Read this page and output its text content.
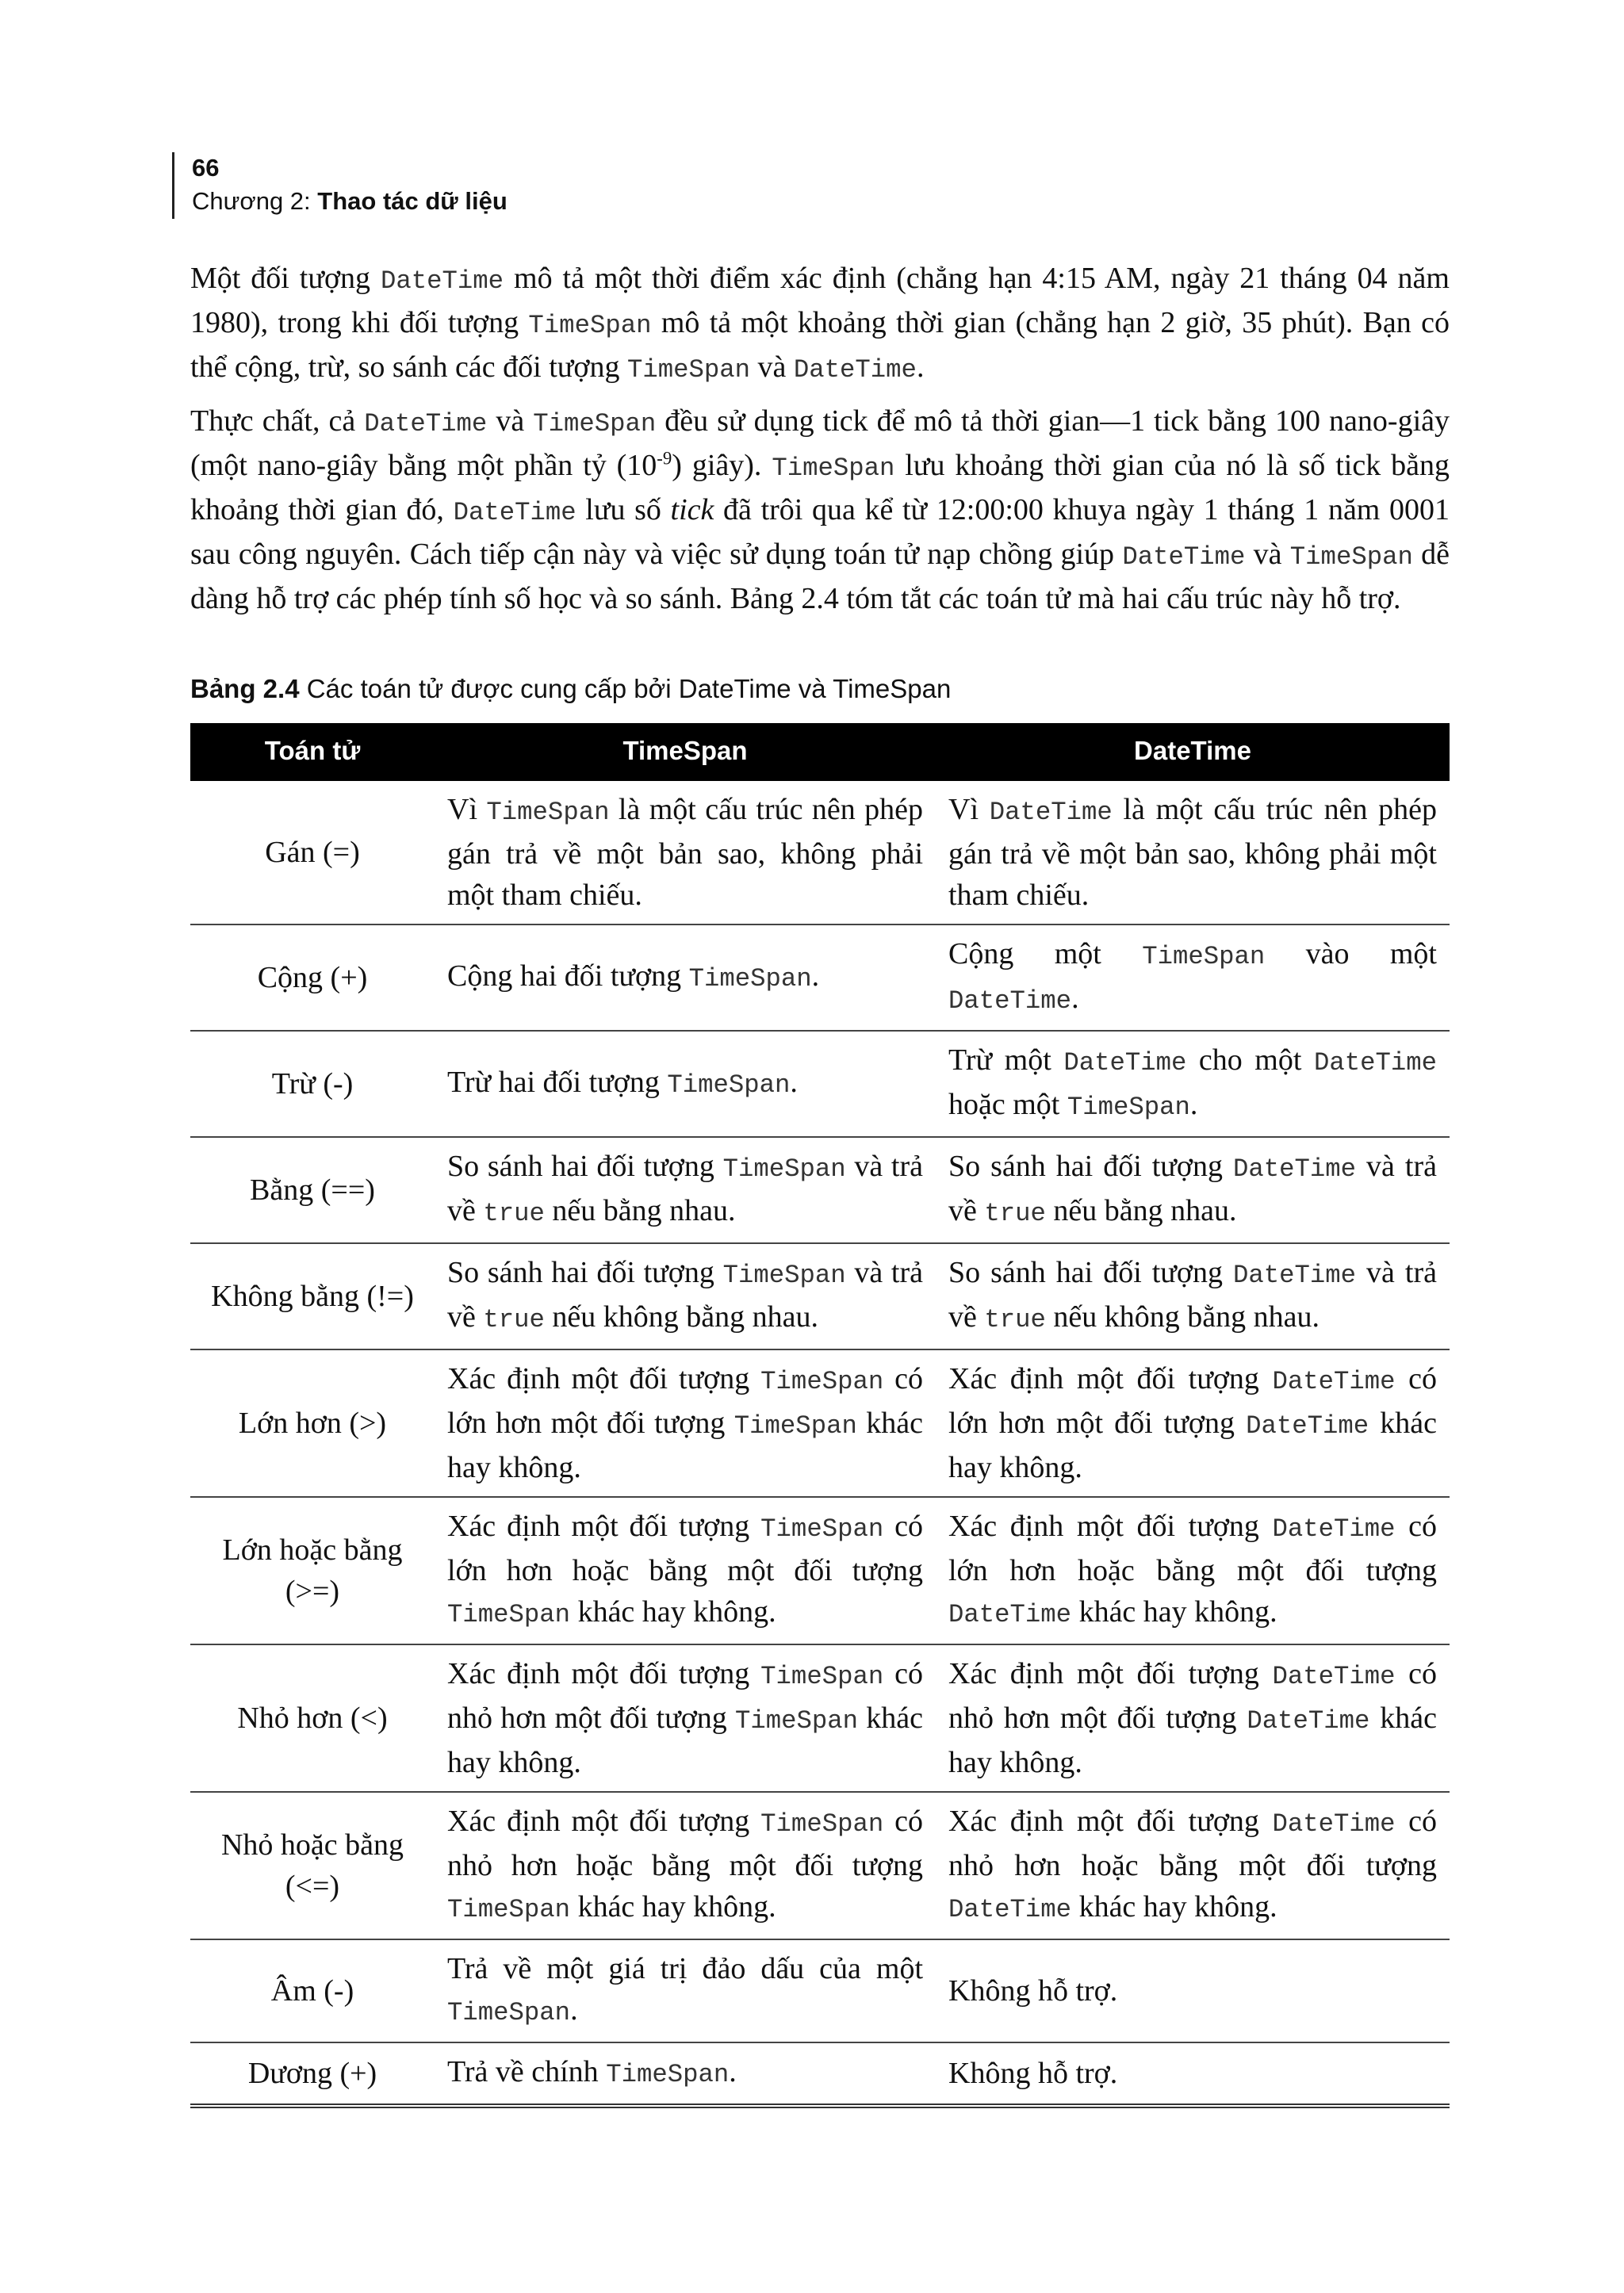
66
Chương 2: Thao tác dữ liệu

Một đối tượng DateTime mô tả một thời điểm xác định (chẳng hạn 4:15 AM, ngày 21 tháng 04 năm 1980), trong khi đối tượng TimeSpan mô tả một khoảng thời gian (chẳng hạn 2 giờ, 35 phút). Bạn có thể cộng, trừ, so sánh các đối tượng TimeSpan và DateTime.

Thực chất, cả DateTime và TimeSpan đều sử dụng tick để mô tả thời gian—1 tick bằng 100 nano-giây (một nano-giây bằng một phần tỷ $(10^{-9})$ giây). TimeSpan lưu khoảng thời gian của nó là số tick bằng khoảng thời gian đó, DateTime lưu số tick đã trôi qua kể từ 12:00:00 khuya ngày 1 tháng 1 năm 0001 sau công nguyên. Cách tiếp cận này và việc sử dụng toán tử nạp chồng giúp DateTime và TimeSpan dễ dàng hỗ trợ các phép tính số học và so sánh. Bảng 2.4 tóm tắt các toán tử mà hai cấu trúc này hỗ trợ.

Bảng 2.4 Các toán tử được cung cấp bởi DateTime và TimeSpan
Toán tử	TimeSpan	DateTime
Gán (=)	Vì TimeSpan là một cấu trúc nên phép gán trả về một bản sao, không phải một tham chiếu.	Vì DateTime là một cấu trúc nên phép gán trả về một bản sao, không phải một tham chiếu.
Cộng (+)	Cộng hai đối tượng TimeSpan.	Cộng một TimeSpan vào một DateTime.
Trừ (-)	Trừ hai đối tượng TimeSpan.	Trừ một DateTime cho một DateTime hoặc một TimeSpan.
Bằng (==)	So sánh hai đối tượng TimeSpan và trả về true nếu bằng nhau.	So sánh hai đối tượng DateTime và trả về true nếu bằng nhau.
Không bằng (!=)	So sánh hai đối tượng TimeSpan và trả về true nếu không bằng nhau.	So sánh hai đối tượng DateTime và trả về true nếu không bằng nhau.
Lớn hơn (>)	Xác định một đối tượng TimeSpan có lớn hơn một đối tượng TimeSpan khác hay không.	Xác định một đối tượng DateTime có lớn hơn một đối tượng DateTime khác hay không.
Lớn hoặc bằng (>=)	Xác định một đối tượng TimeSpan có lớn hơn hoặc bằng một đối tượng TimeSpan khác hay không.	Xác định một đối tượng DateTime có lớn hơn hoặc bằng một đối tượng DateTime khác hay không.
Nhỏ hơn (<)	Xác định một đối tượng TimeSpan có nhỏ hơn một đối tượng TimeSpan khác hay không.	Xác định một đối tượng DateTime có nhỏ hơn một đối tượng DateTime khác hay không.
Nhỏ hoặc bằng (<=)	Xác định một đối tượng TimeSpan có nhỏ hơn hoặc bằng một đối tượng TimeSpan khác hay không.	Xác định một đối tượng DateTime có nhỏ hơn hoặc bằng một đối tượng DateTime khác hay không.
Âm (-)	Trả về một giá trị đảo dấu của một TimeSpan.	Không hỗ trợ.
Dương (+)	Trả về chính TimeSpan.	Không hỗ trợ.
